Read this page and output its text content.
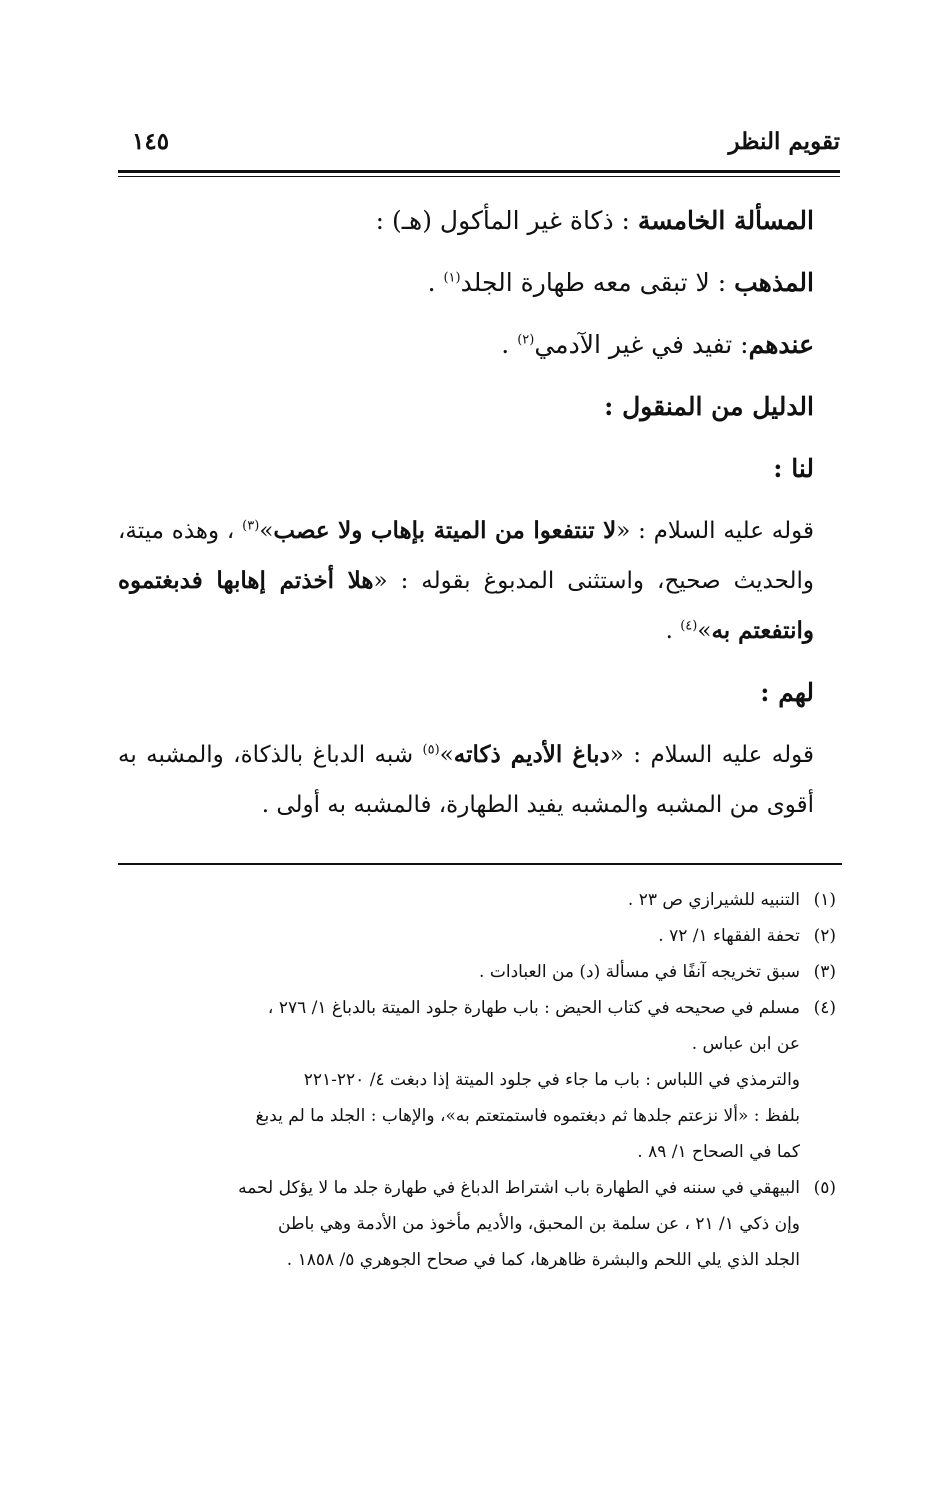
تقويم النظر
١٤٥
المسألة الخامسة : ذكاة غير المأكول (هـ) :
المذهب : لا تبقى معه طهارة الجلد$^{(١)}$ .
عندهم: تفيد في غير الآدمي$^{(٢)}$ .
الدليل من المنقول :
لنا :
قوله عليه السلام : «لا تنتفعوا من الميتة بإهاب ولا عصب»$^{(٣)}$ ، وهذه ميتة، والحديث صحيح، واستثنى المدبوغ بقوله : «هلا أخذتم إهابها فدبغتموه وانتفعتم به»$^{(٤)}$ .
لهم :
قوله عليه السلام : «دباغ الأديم ذكاته»$^{(٥)}$ شبه الدباغ بالذكاة، والمشبه به أقوى من المشبه والمشبه يفيد الطهارة، فالمشبه به أولى .
(١)
التنبيه للشيرازي ص ٢٣ .
(٢)
تحفة الفقهاء ١/ ٧٢ .
(٣)
سبق تخريجه آنفًا في مسألة (د) من العبادات .
(٤)
مسلم في صحيحه في كتاب الحيض : باب طهارة جلود الميتة بالدباغ ١/ ٢٧٦ ،
عن ابن عباس .
والترمذي في اللباس : باب ما جاء في جلود الميتة إذا دبغت ٤/ ٢٢٠-٢٢١
بلفظ : «ألا نزعتم جلدها ثم دبغتموه فاستمتعتم به»، والإهاب : الجلد ما لم يدبغ
كما في الصحاح ١/ ٨٩ .
(٥)
البيهقي في سننه في الطهارة باب اشتراط الدباغ في طهارة جلد ما لا يؤكل لحمه
وإن ذكي ١/ ٢١ ، عن سلمة بن المحبق، والأديم مأخوذ من الأدمة وهي باطن
الجلد الذي يلي اللحم والبشرة ظاهرها، كما في صحاح الجوهري ٥/ ١٨٥٨ .
